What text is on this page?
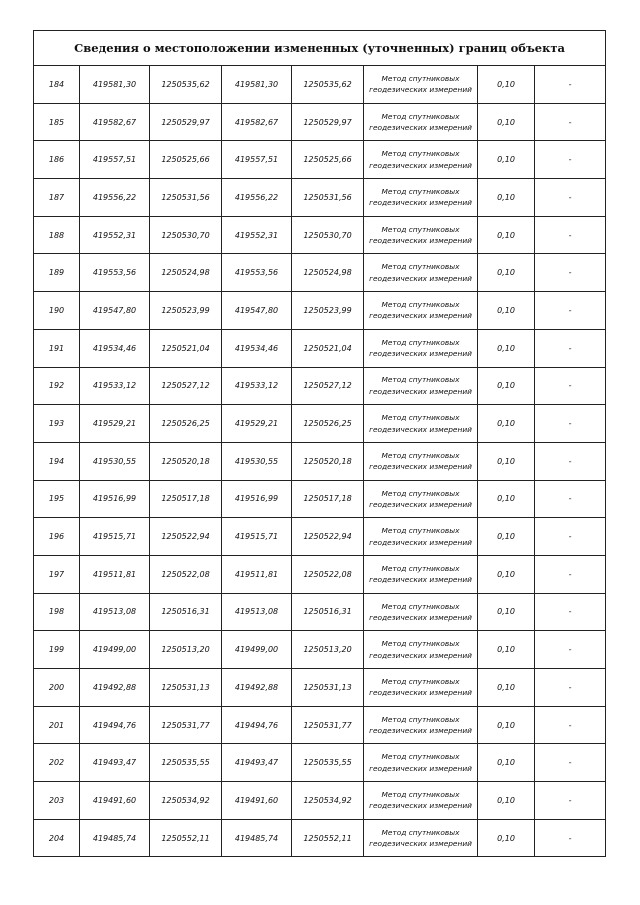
Сведения о местоположении измененных (уточненных) границ объекта							
184	419581,30	1250535,62	419581,30	1250535,62	Метод спутниковых геодезических измерений	0,10	-
185	419582,67	1250529,97	419582,67	1250529,97	Метод спутниковых геодезических измерений	0,10	-
186	419557,51	1250525,66	419557,51	1250525,66	Метод спутниковых геодезических измерений	0,10	-
187	419556,22	1250531,56	419556,22	1250531,56	Метод спутниковых геодезических измерений	0,10	-
188	419552,31	1250530,70	419552,31	1250530,70	Метод спутниковых геодезических измерений	0,10	-
189	419553,56	1250524,98	419553,56	1250524,98	Метод спутниковых геодезических измерений	0,10	-
190	419547,80	1250523,99	419547,80	1250523,99	Метод спутниковых геодезических измерений	0,10	-
191	419534,46	1250521,04	419534,46	1250521,04	Метод спутниковых геодезических измерений	0,10	-
192	419533,12	1250527,12	419533,12	1250527,12	Метод спутниковых геодезических измерений	0,10	-
193	419529,21	1250526,25	419529,21	1250526,25	Метод спутниковых геодезических измерений	0,10	-
194	419530,55	1250520,18	419530,55	1250520,18	Метод спутниковых геодезических измерений	0,10	-
195	419516,99	1250517,18	419516,99	1250517,18	Метод спутниковых геодезических измерений	0,10	-
196	419515,71	1250522,94	419515,71	1250522,94	Метод спутниковых геодезических измерений	0,10	-
197	419511,81	1250522,08	419511,81	1250522,08	Метод спутниковых геодезических измерений	0,10	-
198	419513,08	1250516,31	419513,08	1250516,31	Метод спутниковых геодезических измерений	0,10	-
199	419499,00	1250513,20	419499,00	1250513,20	Метод спутниковых геодезических измерений	0,10	-
200	419492,88	1250531,13	419492,88	1250531,13	Метод спутниковых геодезических измерений	0,10	-
201	419494,76	1250531,77	419494,76	1250531,77	Метод спутниковых геодезических измерений	0,10	-
202	419493,47	1250535,55	419493,47	1250535,55	Метод спутниковых геодезических измерений	0,10	-
203	419491,60	1250534,92	419491,60	1250534,92	Метод спутниковых геодезических измерений	0,10	-
204	419485,74	1250552,11	419485,74	1250552,11	Метод спутниковых геодезических измерений	0,10	-
